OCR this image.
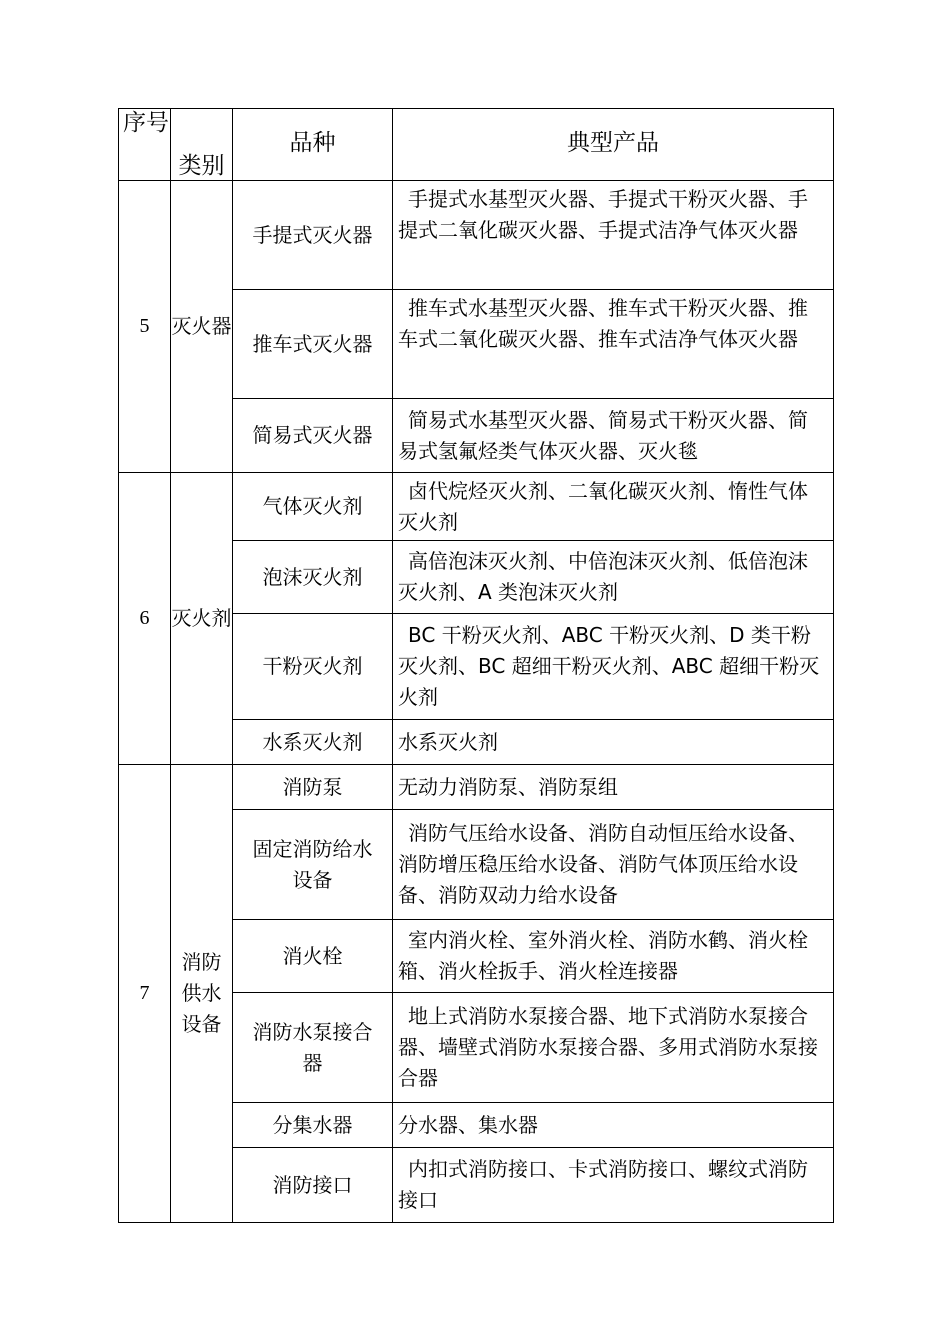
序号	类别	品种	典型产品
5	灭火器	手提式灭火器	手提式水基型灭火器、手提式干粉灭火器、手提式二氧化碳灭火器、手提式洁净气体灭火器
		推车式灭火器	推车式水基型灭火器、推车式干粉灭火器、推车式二氧化碳灭火器、推车式洁净气体灭火器
		简易式灭火器	简易式水基型灭火器、简易式干粉灭火器、简易式氢氟烃类气体灭火器、灭火毯
6	灭火剂	气体灭火剂	卤代烷烃灭火剂、二氧化碳灭火剂、惰性气体灭火剂
		泡沫灭火剂	高倍泡沫灭火剂、中倍泡沫灭火剂、低倍泡沫灭火剂、A 类泡沫灭火剂
		干粉灭火剂	BC 干粉灭火剂、ABC 干粉灭火剂、D 类干粉灭火剂、BC 超细干粉灭火剂、ABC 超细干粉灭火剂
		水系灭火剂	水系灭火剂
7	消防供水设备	消防泵	无动力消防泵、消防泵组
		固定消防给水设备	消防气压给水设备、消防自动恒压给水设备、消防增压稳压给水设备、消防气体顶压给水设备、消防双动力给水设备
		消火栓	室内消火栓、室外消火栓、消防水鹤、消火栓箱、消火栓扳手、消火栓连接器
		消防水泵接合器	地上式消防水泵接合器、地下式消防水泵接合器、墙壁式消防水泵接合器、多用式消防水泵接合器
		分集水器	分水器、集水器
		消防接口	内扣式消防接口、卡式消防接口、螺纹式消防接口
